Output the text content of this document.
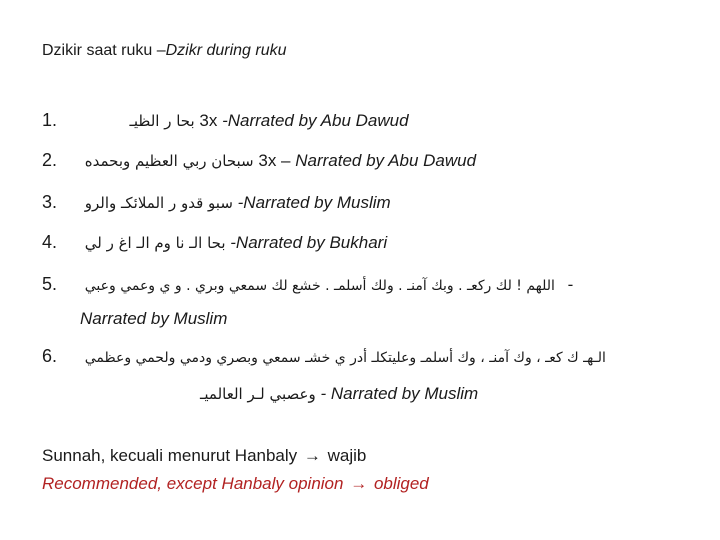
Dzikir saat ruku –Dzikr during ruku
1.	بحا ر الظيـ 3x -Narrated by Abu Dawud
2. سبحان ربي العظيم وبحمده 3x – Narrated by Abu Dawud
3. سبو قدو ر الملائكـ والرو -Narrated by Muslim
4. بحا الـ نا وم الـ اغ ر لي -Narrated by Bukhari
5. اللهم ! لك ركعـ . وبك آمنـ . ولك أسلمـ . خشع لك سمعي وبري . و ي وعمي وعبي -
Narrated by Muslim
6. الـهـ ك كعـ ، وك آمنـ ، وك أسلمـ وعليتكلـ أدر ي خشـ سمعي وبصري ودمي ولحمي وعظمي
وعصبي لـر العالميـ - Narrated by Muslim
Sunnah, kecuali menurut Hanbaly → wajib
Recommended, except Hanbaly opinion → obliged
